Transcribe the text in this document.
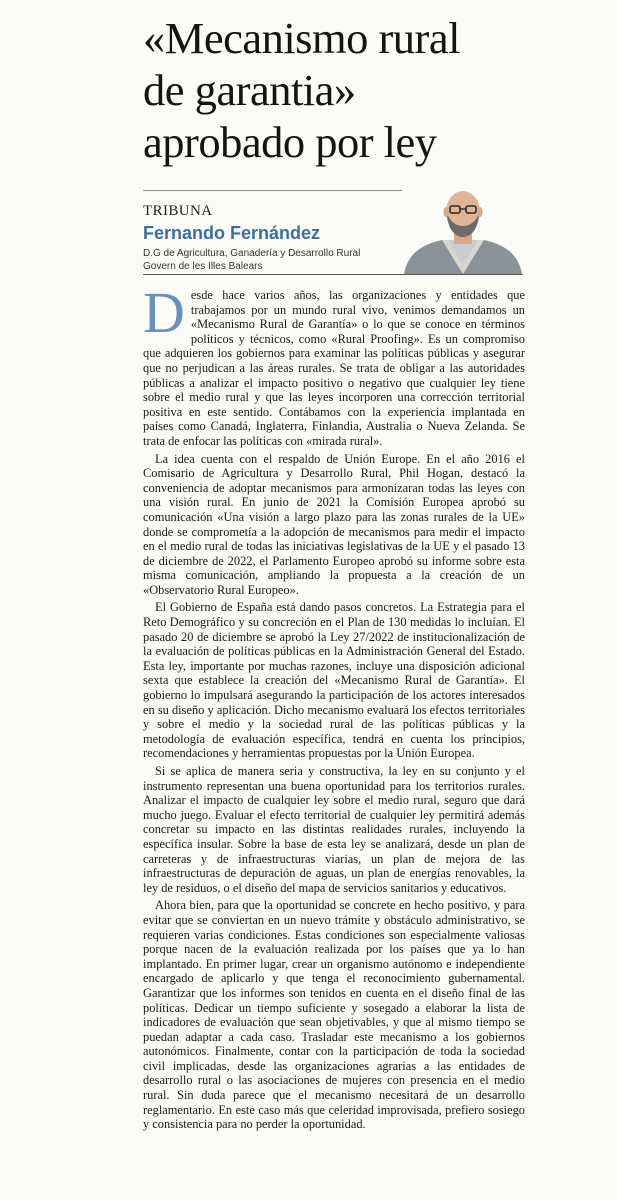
«Mecanismo rural
de garantia»
aprobado por ley
TRIBUNA
Fernando Fernández
D.G de Agricultura, Ganadería y Desarrollo Rural
Govern de les Illes Balears

Desde hace varios años, las organizaciones y entidades que trabajamos por un mundo rural vivo, venimos demandamos un «Mecanismo Rural de Garantía» o lo que se conoce en términos políticos y técnicos, como «Rural Proofing». Es un compromiso que adquieren los gobiernos para examinar las políticas públicas y asegurar que no perjudican a las áreas rurales. Se trata de obligar a las autoridades públicas a analizar el impacto positivo o negativo que cualquier ley tiene sobre el medio rural y que las leyes incorporen una corrección territorial positiva en este sentido. Contábamos con la experiencia implantada en países como Canadá, Inglaterra, Finlandia, Australia o Nueva Zelanda. Se trata de enfocar las políticas con «mirada rural».

La idea cuenta con el respaldo de Unión Europe. En el año 2016 el Comisario de Agricultura y Desarrollo Rural, Phil Hogan, destacó la conveniencia de adoptar mecanismos para armonizaran todas las leyes con una visión rural. En junio de 2021 la Comisión Europea aprobó su comunicación «Una visión a largo plazo para las zonas rurales de la UE» donde se comprometía a la adopción de mecanismos para medir el impacto en el medio rural de todas las iniciativas legislativas de la UE y el pasado 13 de diciembre de 2022, el Parlamento Europeo aprobó su informe sobre esta misma comunicación, ampliando la propuesta a la creación de un «Observatorio Rural Europeo».

El Gobierno de España está dando pasos concretos. La Estrategia para el Reto Demográfico y su concreción en el Plan de 130 medidas lo incluían. El pasado 20 de diciembre se aprobó la Ley 27/2022 de institucionalización de la evaluación de políticas públicas en la Administración General del Estado. Esta ley, importante por muchas razones, incluye una disposición adicional sexta que establece la creación del «Mecanismo Rural de Garantía». El gobierno lo impulsará asegurando la participación de los actores interesados en su diseño y aplicación. Dicho mecanismo evaluará los efectos territoriales y sobre el medio y la sociedad rural de las políticas públicas y la metodología de evaluación específica, tendrá en cuenta los principios, recomendaciones y herramientas propuestas por la Unión Europea.

Si se aplica de manera seria y constructiva, la ley en su conjunto y el instrumento representan una buena oportunidad para los territorios rurales. Analizar el impacto de cualquier ley sobre el medio rural, seguro que dará mucho juego. Evaluar el efecto territorial de cualquier ley permitirá además concretar su impacto en las distintas realidades rurales, incluyendo la específica insular. Sobre la base de esta ley se analizará, desde un plan de carreteras y de infraestructuras viarias, un plan de mejora de las infraestructuras de depuración de aguas, un plan de energías renovables, la ley de residuos, o el diseño del mapa de servicios sanitarios y educativos.

Ahora bien, para que la oportunidad se concrete en hecho positivo, y para evitar que se conviertan en un nuevo trámite y obstáculo administrativo, se requieren varias condiciones. Estas condiciones son especialmente valiosas porque nacen de la evaluación realizada por los países que ya lo han implantado. En primer lugar, crear un organismo autónomo e independiente encargado de aplicarlo y que tenga el reconocimiento gubernamental. Garantizar que los informes son tenidos en cuenta en el diseño final de las políticas. Dedicar un tiempo suficiente y sosegado a elaborar la lista de indicadores de evaluación que sean objetivables, y que al mismo tiempo se puedan adaptar a cada caso. Trasladar este mecanismo a los gobiernos autonómicos. Finalmente, contar con la participación de toda la sociedad civil implicadas, desde las organizaciones agrarias a las entidades de desarrollo rural o las asociaciones de mujeres con presencia en el medio rural. Sin duda parece que el mecanismo necesitará de un desarrollo reglamentario. En este caso más que celeridad improvisada, prefiero sosiego y consistencia para no perder la oportunidad.
